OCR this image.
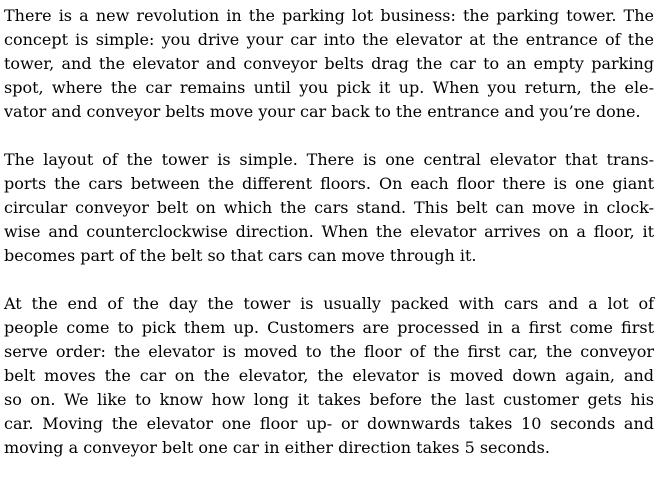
There is a new revolution in the parking lot business: the parking tower. The
concept is simple: you drive your car into the elevator at the entrance of the
tower, and the elevator and conveyor belts drag the car to an empty parking
spot, where the car remains until you pick it up. When you return, the ele-
vator and conveyor belts move your car back to the entrance and you’re done.
The layout of the tower is simple. There is one central elevator that trans-
ports the cars between the different floors. On each floor there is one giant
circular conveyor belt on which the cars stand. This belt can move in clock-
wise and counterclockwise direction. When the elevator arrives on a floor, it
becomes part of the belt so that cars can move through it.
At the end of the day the tower is usually packed with cars and a lot of
people come to pick them up. Customers are processed in a first come first
serve order: the elevator is moved to the floor of the first car, the conveyor
belt moves the car on the elevator, the elevator is moved down again, and
so on. We like to know how long it takes before the last customer gets his
car. Moving the elevator one floor up- or downwards takes 10 seconds and
moving a conveyor belt one car in either direction takes 5 seconds.
